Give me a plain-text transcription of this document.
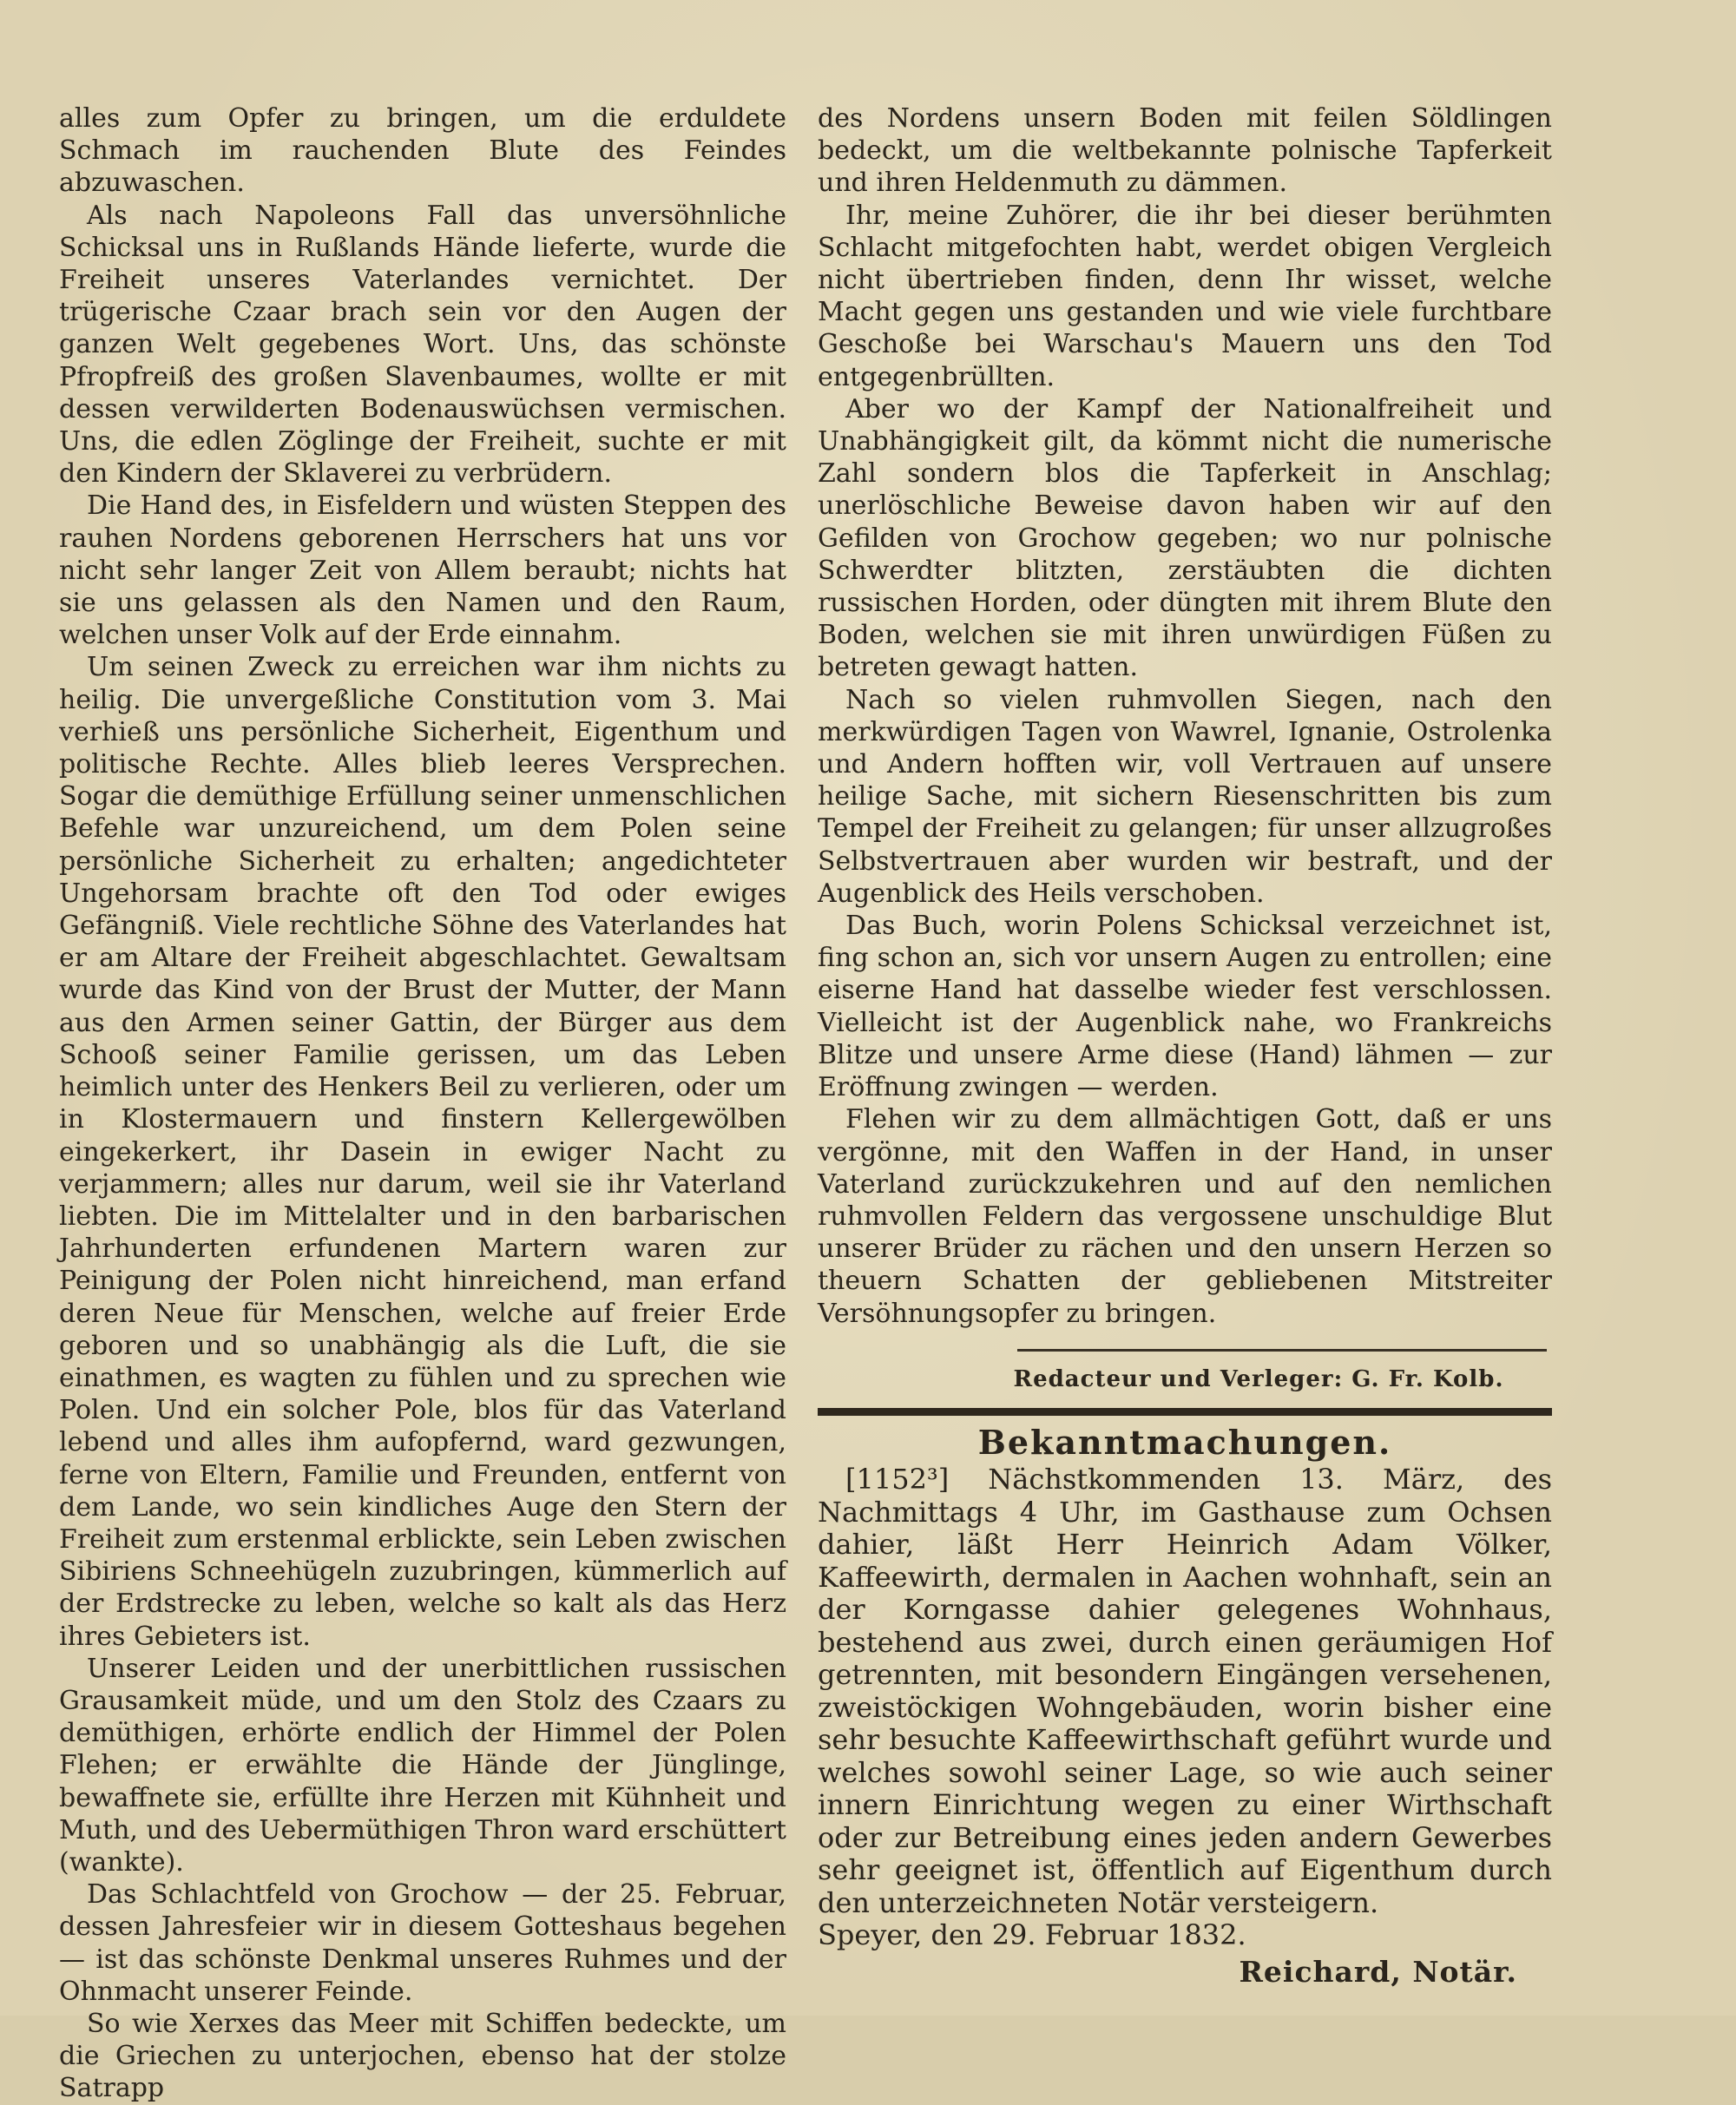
alles zum Opfer zu bringen, um die erduldete Schmach im rauchenden Blute des Feindes abzuwaschen.

Als nach Napoleons Fall das unversöhnliche Schicksal uns in Rußlands Hände lieferte, wurde die Freiheit unseres Vaterlandes vernichtet. Der trügerische Czaar brach sein vor den Augen der ganzen Welt gegebenes Wort. Uns, das schönste Pfropfreiß des großen Slavenbaumes, wollte er mit dessen verwilderten Bodenauswüchsen vermischen. Uns, die edlen Zöglinge der Freiheit, suchte er mit den Kindern der Sklaverei zu verbrüdern.

Die Hand des, in Eisfeldern und wüsten Steppen des rauhen Nordens geborenen Herrschers hat uns vor nicht sehr langer Zeit von Allem beraubt; nichts hat sie uns gelassen als den Namen und den Raum, welchen unser Volk auf der Erde einnahm.

Um seinen Zweck zu erreichen war ihm nichts zu heilig. Die unvergeßliche Constitution vom 3. Mai verhieß uns persönliche Sicherheit, Eigenthum und politische Rechte. Alles blieb leeres Versprechen. Sogar die demüthige Erfüllung seiner unmenschlichen Befehle war unzureichend, um dem Polen seine persönliche Sicherheit zu erhalten; angedichteter Ungehorsam brachte oft den Tod oder ewiges Gefängniß. Viele rechtliche Söhne des Vaterlandes hat er am Altare der Freiheit abgeschlachtet. Gewaltsam wurde das Kind von der Brust der Mutter, der Mann aus den Armen seiner Gattin, der Bürger aus dem Schooß seiner Familie gerissen, um das Leben heimlich unter des Henkers Beil zu verlieren, oder um in Klostermauern und finstern Kellergewölben eingekerkert, ihr Dasein in ewiger Nacht zu verjammern; alles nur darum, weil sie ihr Vaterland liebten. Die im Mittelalter und in den barbarischen Jahrhunderten erfundenen Martern waren zur Peinigung der Polen nicht hinreichend, man erfand deren Neue für Menschen, welche auf freier Erde geboren und so unabhängig als die Luft, die sie einathmen, es wagten zu fühlen und zu sprechen wie Polen. Und ein solcher Pole, blos für das Vaterland lebend und alles ihm aufopfernd, ward gezwungen, ferne von Eltern, Familie und Freunden, entfernt von dem Lande, wo sein kindliches Auge den Stern der Freiheit zum erstenmal erblickte, sein Leben zwischen Sibiriens Schneehügeln zuzubringen, kümmerlich auf der Erdstrecke zu leben, welche so kalt als das Herz ihres Gebieters ist.

Unserer Leiden und der unerbittlichen russischen Grausamkeit müde, und um den Stolz des Czaars zu demüthigen, erhörte endlich der Himmel der Polen Flehen; er erwählte die Hände der Jünglinge, bewaffnete sie, erfüllte ihre Herzen mit Kühnheit und Muth, und des Uebermüthigen Thron ward erschüttert (wankte).

Das Schlachtfeld von Grochow — der 25. Februar, dessen Jahresfeier wir in diesem Gotteshaus begehen — ist das schönste Denkmal unseres Ruhmes und der Ohnmacht unserer Feinde.

So wie Xerxes das Meer mit Schiffen bedeckte, um die Griechen zu unterjochen, ebenso hat der stolze Satrapp

des Nordens unsern Boden mit feilen Söldlingen bedeckt, um die weltbekannte polnische Tapferkeit und ihren Heldenmuth zu dämmen.

Ihr, meine Zuhörer, die ihr bei dieser berühmten Schlacht mitgefochten habt, werdet obigen Vergleich nicht übertrieben finden, denn Ihr wisset, welche Macht gegen uns gestanden und wie viele furchtbare Geschoße bei Warschau's Mauern uns den Tod entgegenbrüllten.

Aber wo der Kampf der Nationalfreiheit und Unabhängigkeit gilt, da kömmt nicht die numerische Zahl sondern blos die Tapferkeit in Anschlag; unerlöschliche Beweise davon haben wir auf den Gefilden von Grochow gegeben; wo nur polnische Schwerdter blitzten, zerstäubten die dichten russischen Horden, oder düngten mit ihrem Blute den Boden, welchen sie mit ihren unwürdigen Füßen zu betreten gewagt hatten.

Nach so vielen ruhmvollen Siegen, nach den merkwürdigen Tagen von Wawrel, Ignanie, Ostrolenka und Andern hofften wir, voll Vertrauen auf unsere heilige Sache, mit sichern Riesenschritten bis zum Tempel der Freiheit zu gelangen; für unser allzugroßes Selbstvertrauen aber wurden wir bestraft, und der Augenblick des Heils verschoben.

Das Buch, worin Polens Schicksal verzeichnet ist, fing schon an, sich vor unsern Augen zu entrollen; eine eiserne Hand hat dasselbe wieder fest verschlossen. Vielleicht ist der Augenblick nahe, wo Frankreichs Blitze und unsere Arme diese (Hand) lähmen — zur Eröffnung zwingen — werden.

Flehen wir zu dem allmächtigen Gott, daß er uns vergönne, mit den Waffen in der Hand, in unser Vaterland zurückzukehren und auf den nemlichen ruhmvollen Feldern das vergossene unschuldige Blut unserer Brüder zu rächen und den unsern Herzen so theuern Schatten der gebliebenen Mitstreiter Versöhnungsopfer zu bringen.

Redacteur und Verleger: G. Fr. Kolb.
Bekanntmachungen.

[1152³] Nächstkommenden 13. März, des Nachmittags 4 Uhr, im Gasthause zum Ochsen dahier, läßt Herr Heinrich Adam Völker, Kaffeewirth, dermalen in Aachen wohnhaft, sein an der Korngasse dahier gelegenes Wohnhaus, bestehend aus zwei, durch einen geräumigen Hof getrennten, mit besondern Eingängen versehenen, zweistöckigen Wohngebäuden, worin bisher eine sehr besuchte Kaffeewirthschaft geführt wurde und welches sowohl seiner Lage, so wie auch seiner innern Einrichtung wegen zu einer Wirthschaft oder zur Betreibung eines jeden andern Gewerbes sehr geeignet ist, öffentlich auf Eigenthum durch den unterzeichneten Notär versteigern.

Speyer, den 29. Februar 1832.

Reichard, Notär.
